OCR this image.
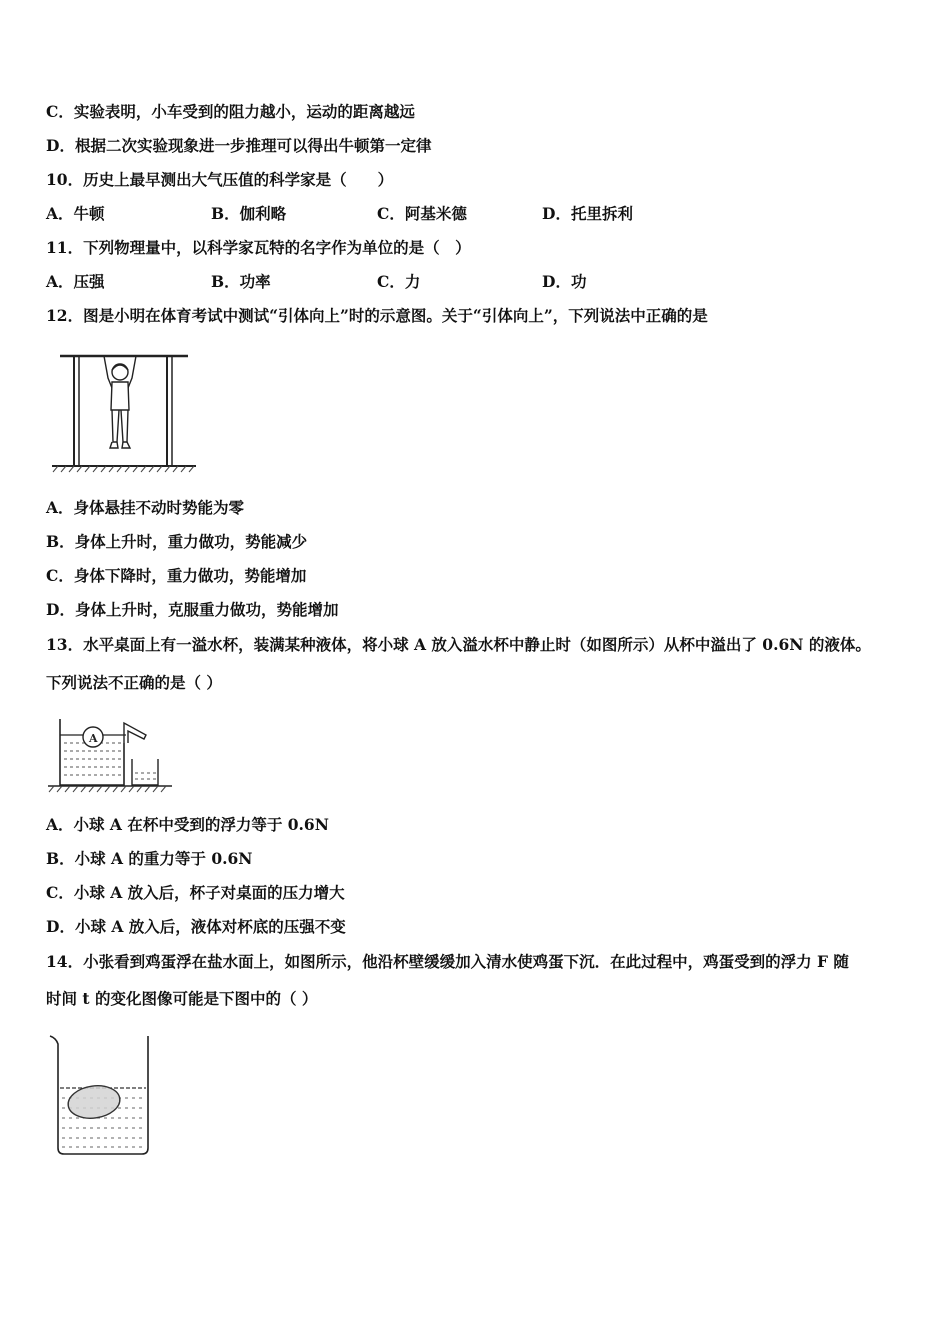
C．实验表明，小车受到的阻力越小，运动的距离越远
D．根据二次实验现象进一步推理可以得出牛顿第一定律
10．历史上最早测出大气压值的科学家是（　　）
A．牛顿	B．伽利略	C．阿基米德	D．托里拆利
11．下列物理量中，以科学家瓦特的名字作为单位的是（　）
A．压强	B．功率	C．力	D．功
12．图是小明在体育考试中测试“引体向上”时的示意图。关于“引体向上”，下列说法中正确的是
A．身体悬挂不动时势能为零
B．身体上升时，重力做功，势能减少
C．身体下降时，重力做功，势能增加
D．身体上升时，克服重力做功，势能增加
13．水平桌面上有一溢水杯，装满某种液体，将小球 A 放入溢水杯中静止时（如图所示）从杯中溢出了 0.6N 的液体。
下列说法不正确的是（ ）
A
A．小球 A 在杯中受到的浮力等于 0.6N
B．小球 A 的重力等于 0.6N
C．小球 A 放入后，杯子对桌面的压力增大
D．小球 A 放入后，液体对杯底的压强不变
14．小张看到鸡蛋浮在盐水面上，如图所示，他沿杯壁缓缓加入清水使鸡蛋下沉．在此过程中，鸡蛋受到的浮力 F 随
时间 t 的变化图像可能是下图中的（ ）
